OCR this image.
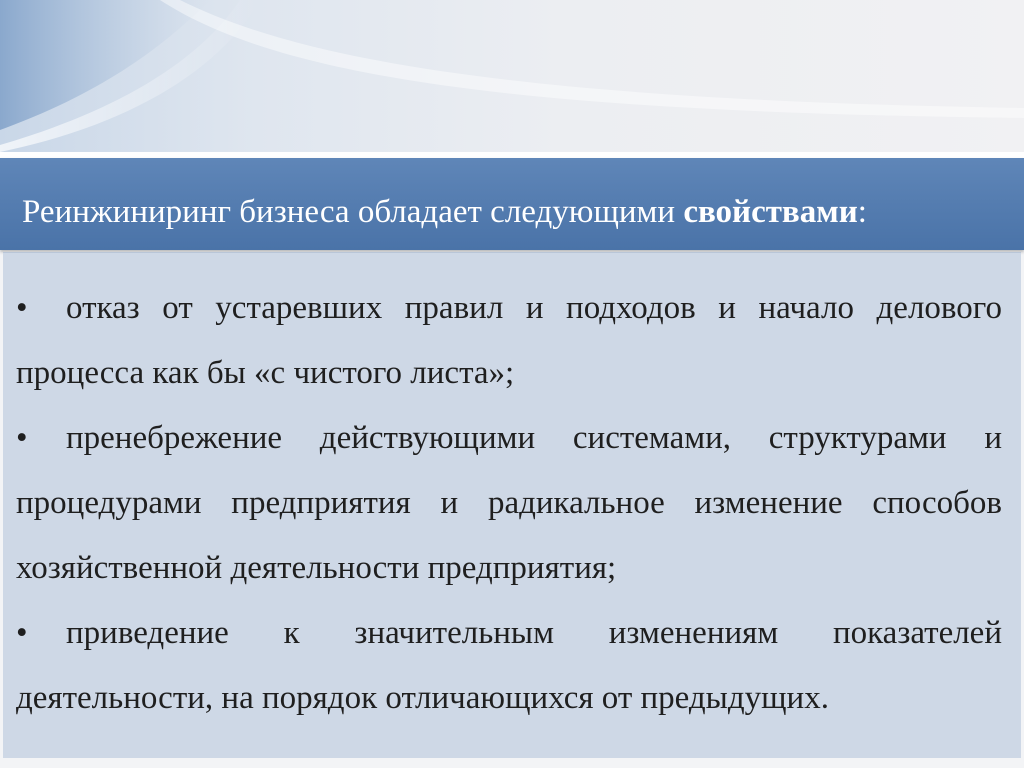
Реинжиниринг бизнеса обладает следующими свойствами:
• отказ от устаревших правил и подходов и начало делового процесса как бы «с чистого листа»;
• пренебрежение действующими системами, структурами и процедурами предприятия и радикальное изменение способов хозяйственной деятельности предприятия;
• приведение к значительным изменениям показателей деятельности, на порядок отличающихся от предыдущих.
